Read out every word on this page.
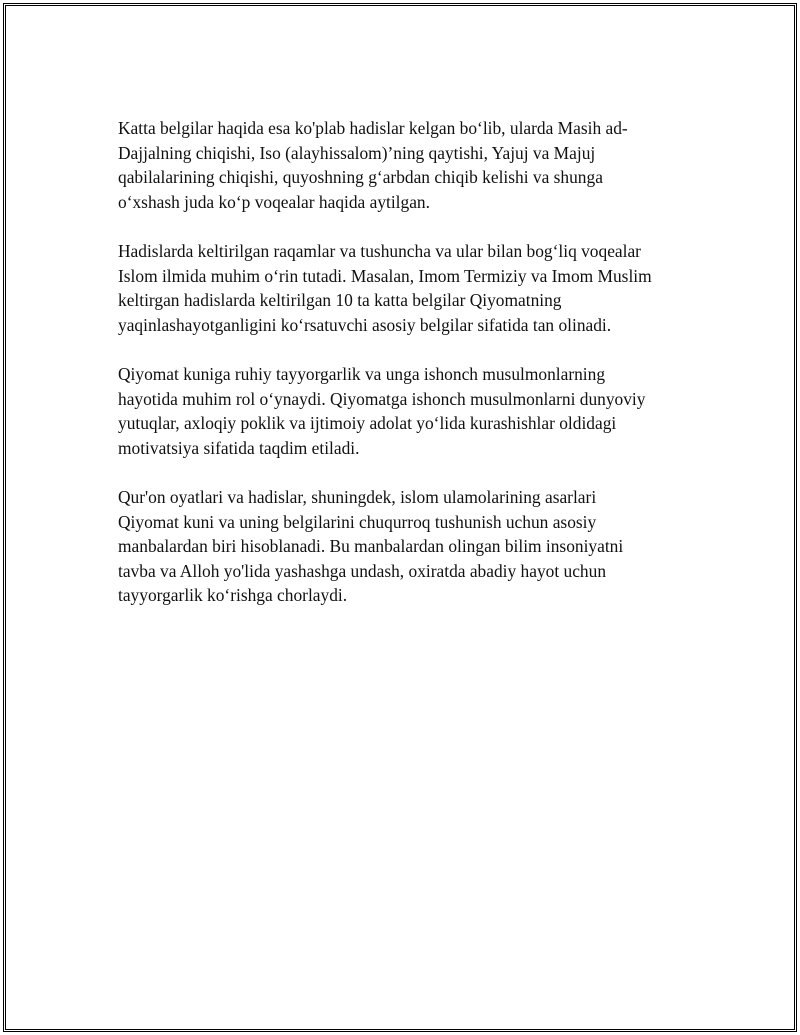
Katta belgilar haqida esa ko'plab hadislar kelgan bo‘lib, ularda Masih ad-
Dajjalning chiqishi, Iso (alayhissalom)’ning qaytishi, Yajuj va Majuj
qabilalarining chiqishi, quyoshning g‘arbdan chiqib kelishi va shunga
o‘xshash juda ko‘p voqealar haqida aytilgan.

Hadislarda keltirilgan raqamlar va tushuncha va ular bilan bog‘liq voqealar
Islom ilmida muhim o‘rin tutadi. Masalan, Imom Termiziy va Imom Muslim
keltirgan hadislarda keltirilgan 10 ta katta belgilar Qiyomatning
yaqinlashayotganligini ko‘rsatuvchi asosiy belgilar sifatida tan olinadi.

Qiyomat kuniga ruhiy tayyorgarlik va unga ishonch musulmonlarning
hayotida muhim rol o‘ynaydi. Qiyomatga ishonch musulmonlarni dunyoviy
yutuqlar, axloqiy poklik va ijtimoiy adolat yo‘lida kurashishlar oldidagi
motivatsiya sifatida taqdim etiladi.

Qur'on oyatlari va hadislar, shuningdek, islom ulamolarining asarlari
Qiyomat kuni va uning belgilarini chuqurroq tushunish uchun asosiy
manbalardan biri hisoblanadi. Bu manbalardan olingan bilim insoniyatni
tavba va Alloh yo'lida yashashga undash, oxiratda abadiy hayot uchun
tayyorgarlik ko‘rishga chorlaydi.
